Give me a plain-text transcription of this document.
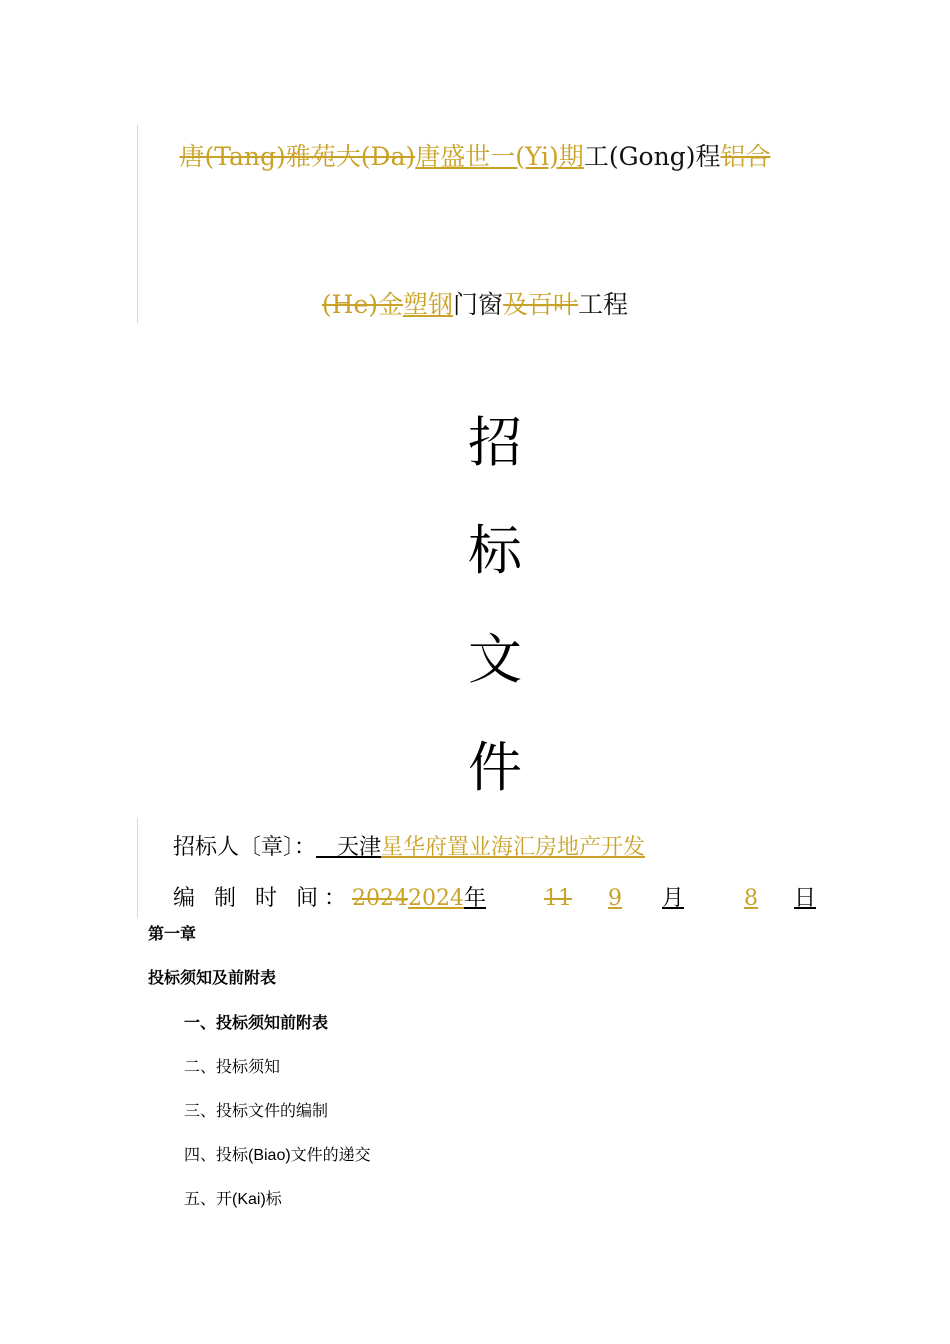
唐(Tang)雅苑大(Da)唐盛世一(Yi)期工(Gong)程铝合
(He)金塑钢门窗及百叶工程
招
标
文
件
招标人〔章〕：   天津星华府置业海汇房地产开发
编 制 时 间：20242024年	11 9 月	8 日
第一章
投标须知及前附表
一、投标须知前附表
二、投标须知
三、投标文件的编制
四、投标(Biao)文件的递交
五、开(Kai)标
